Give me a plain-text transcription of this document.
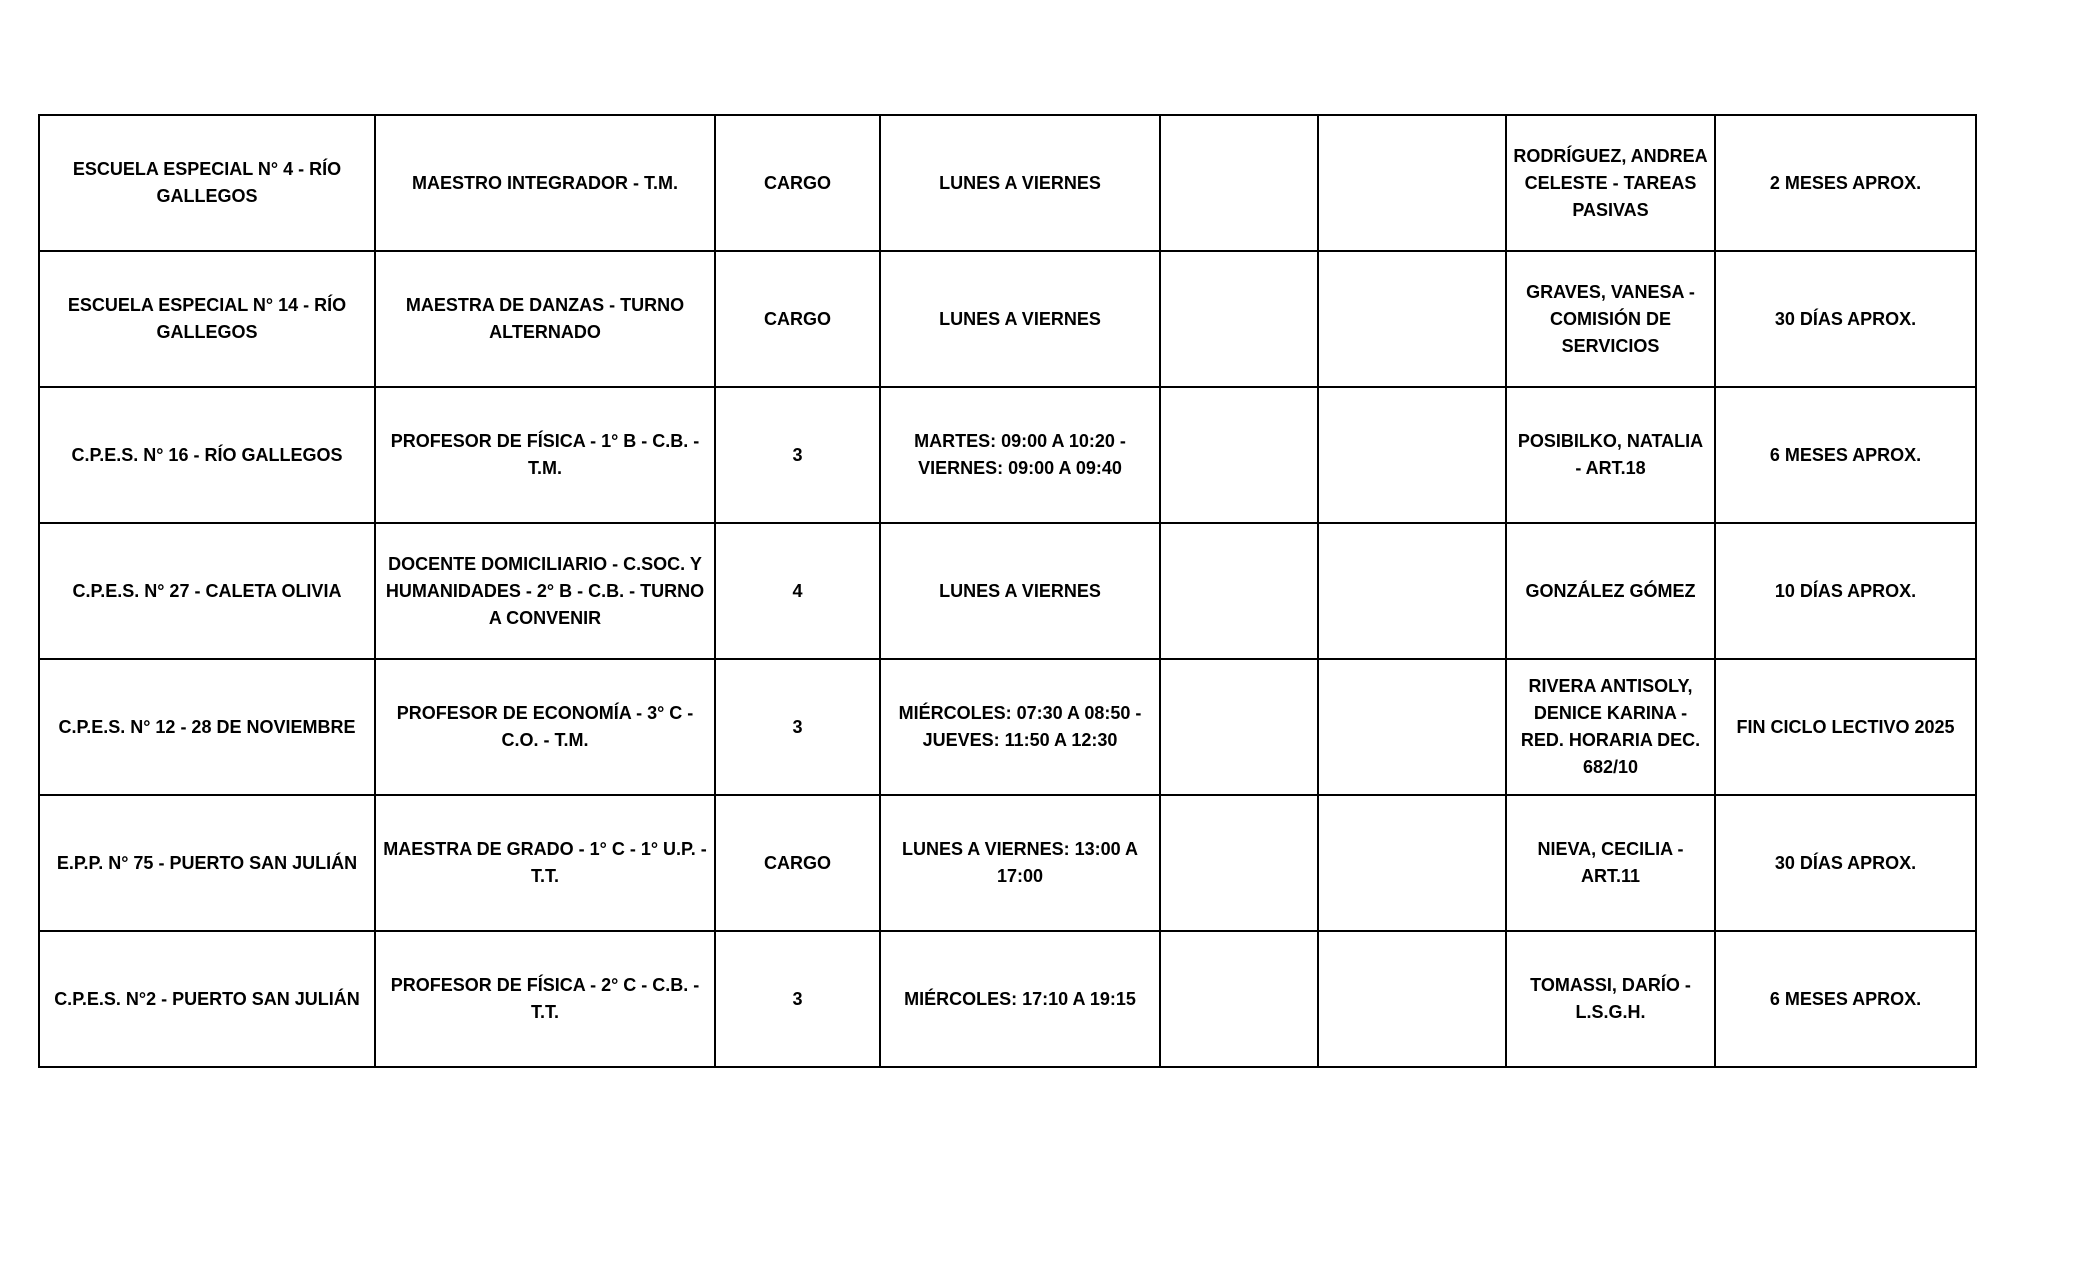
ESCUELA ESPECIAL N° 4 - RÍO GALLEGOS	MAESTRO INTEGRADOR - T.M.	CARGO	LUNES A VIERNES			RODRÍGUEZ, ANDREA CELESTE - TAREAS PASIVAS	2 MESES APROX.
ESCUELA ESPECIAL N° 14 - RÍO GALLEGOS	MAESTRA DE DANZAS - TURNO ALTERNADO	CARGO	LUNES A VIERNES			GRAVES, VANESA - COMISIÓN DE SERVICIOS	30 DÍAS APROX.
C.P.E.S. N° 16 - RÍO GALLEGOS	PROFESOR DE FÍSICA - 1° B - C.B. - T.M.	3	MARTES: 09:00 A 10:20 - VIERNES: 09:00 A 09:40			POSIBILKO, NATALIA - ART.18	6 MESES APROX.
C.P.E.S. N° 27 - CALETA OLIVIA	DOCENTE DOMICILIARIO - C.SOC. Y HUMANIDADES - 2° B - C.B. - TURNO A CONVENIR	4	LUNES A VIERNES			GONZÁLEZ GÓMEZ	10 DÍAS APROX.
C.P.E.S. N° 12 - 28 DE NOVIEMBRE	PROFESOR DE ECONOMÍA - 3° C - C.O. - T.M.	3	MIÉRCOLES: 07:30 A 08:50 - JUEVES: 11:50 A 12:30			RIVERA ANTISOLY, DENICE KARINA - RED. HORARIA DEC. 682/10	FIN CICLO LECTIVO 2025
E.P.P. N° 75 - PUERTO SAN JULIÁN	MAESTRA DE GRADO - 1° C - 1° U.P. - T.T.	CARGO	LUNES A VIERNES: 13:00 A 17:00			NIEVA, CECILIA - ART.11	30 DÍAS APROX.
C.P.E.S. N°2 - PUERTO SAN JULIÁN	PROFESOR DE FÍSICA - 2° C - C.B. - T.T.	3	MIÉRCOLES: 17:10 A 19:15			TOMASSI, DARÍO - L.S.G.H.	6 MESES APROX.
